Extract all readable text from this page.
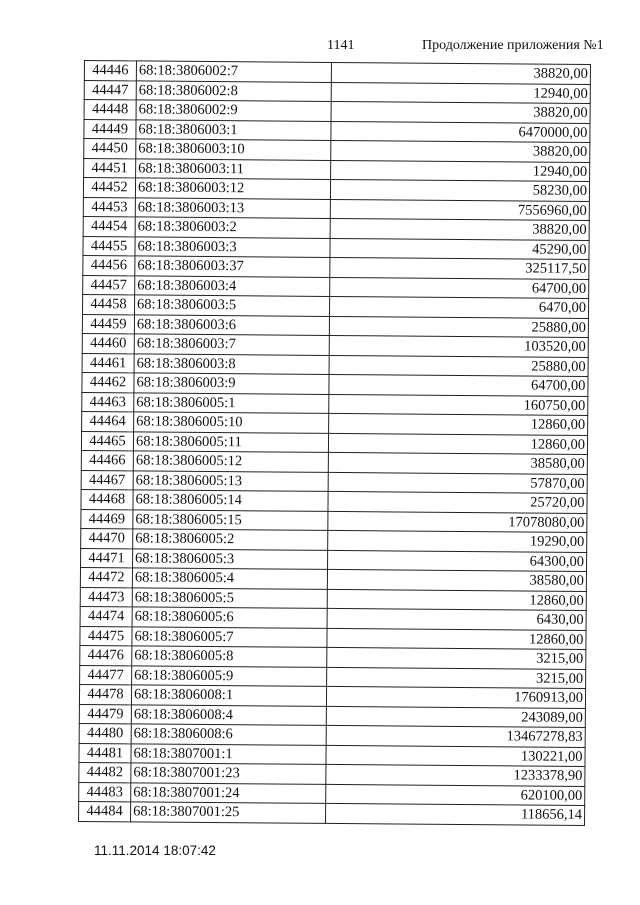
1141	Продолжение приложения №1
44446	68:18:3806002:7	38820,00
44447	68:18:3806002:8	12940,00
44448	68:18:3806002:9	38820,00
44449	68:18:3806003:1	6470000,00
44450	68:18:3806003:10	38820,00
44451	68:18:3806003:11	12940,00
44452	68:18:3806003:12	58230,00
44453	68:18:3806003:13	7556960,00
44454	68:18:3806003:2	38820,00
44455	68:18:3806003:3	45290,00
44456	68:18:3806003:37	325117,50
44457	68:18:3806003:4	64700,00
44458	68:18:3806003:5	6470,00
44459	68:18:3806003:6	25880,00
44460	68:18:3806003:7	103520,00
44461	68:18:3806003:8	25880,00
44462	68:18:3806003:9	64700,00
44463	68:18:3806005:1	160750,00
44464	68:18:3806005:10	12860,00
44465	68:18:3806005:11	12860,00
44466	68:18:3806005:12	38580,00
44467	68:18:3806005:13	57870,00
44468	68:18:3806005:14	25720,00
44469	68:18:3806005:15	17078080,00
44470	68:18:3806005:2	19290,00
44471	68:18:3806005:3	64300,00
44472	68:18:3806005:4	38580,00
44473	68:18:3806005:5	12860,00
44474	68:18:3806005:6	6430,00
44475	68:18:3806005:7	12860,00
44476	68:18:3806005:8	3215,00
44477	68:18:3806005:9	3215,00
44478	68:18:3806008:1	1760913,00
44479	68:18:3806008:4	243089,00
44480	68:18:3806008:6	13467278,83
44481	68:18:3807001:1	130221,00
44482	68:18:3807001:23	1233378,90
44483	68:18:3807001:24	620100,00
44484	68:18:3807001:25	118656,14
11.11.2014 18:07:42
